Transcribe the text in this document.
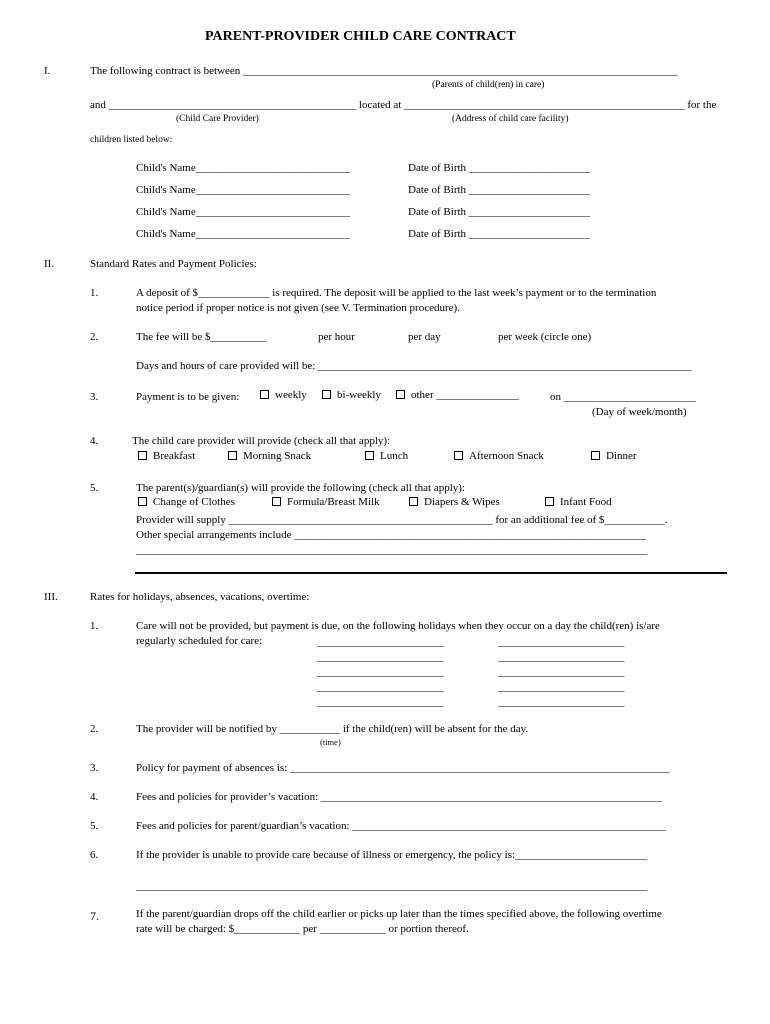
PARENT-PROVIDER CHILD CARE CONTRACT
I.	The following contract is between _______________________________________________________________________________
(Parents of child(ren) in care)
and _____________________________________________ located at ___________________________________________________ for the
(Child Care Provider)	(Address of child care facility)
children listed below:
Child's Name____________________________	Date of Birth ______________________
Child's Name____________________________	Date of Birth ______________________
Child's Name____________________________	Date of Birth ______________________
Child's Name____________________________	Date of Birth ______________________
II.	Standard Rates and Payment Policies:
1.	A deposit of $_____________ is required. The deposit will be applied to the last week’s payment or to the termination
notice period if proper notice is not given (see V. Termination procedure).
2.	The fee will be $__________	per hour	per day	per week (circle one)
Days and hours of care provided will be: ____________________________________________________________________
3.	Payment is to be given:	weekly	bi-weekly	other _______________	on ________________________
(Day of week/month)
4.	The child care provider will provide (check all that apply):
Breakfast	Morning Snack	Lunch	Afternoon Snack	Dinner
5.	The parent(s)/guardian(s) will provide the following (check all that apply):
Change of Clothes	Formula/Breast Milk	Diapers & Wipes	Infant Food
Provider will supply ________________________________________________ for an additional fee of $___________.
Other special arrangements include ________________________________________________________________
_____________________________________________________________________________________________
III.	Rates for holidays, absences, vacations, overtime:
1.	Care will not be provided, but payment is due, on the following holidays when they occur on a day the child(ren) is/are
regularly scheduled for care:	_______________________	_______________________
_______________________	_______________________
_______________________	_______________________
_______________________	_______________________
_______________________	_______________________
2.	The provider will be notified by ___________ if the child(ren) will be absent for the day.
(time)
3.	Policy for payment of absences is: _____________________________________________________________________
4.	Fees and policies for provider’s vacation: ______________________________________________________________
5.	Fees and policies for parent/guardian’s vacation: _________________________________________________________
6.	If the provider is unable to provide care because of illness or emergency, the policy is:________________________
_____________________________________________________________________________________________
7.	If the parent/guardian drops off the child earlier or picks up later than the times specified above, the following overtime
rate will be charged: $____________ per ____________ or portion thereof.
